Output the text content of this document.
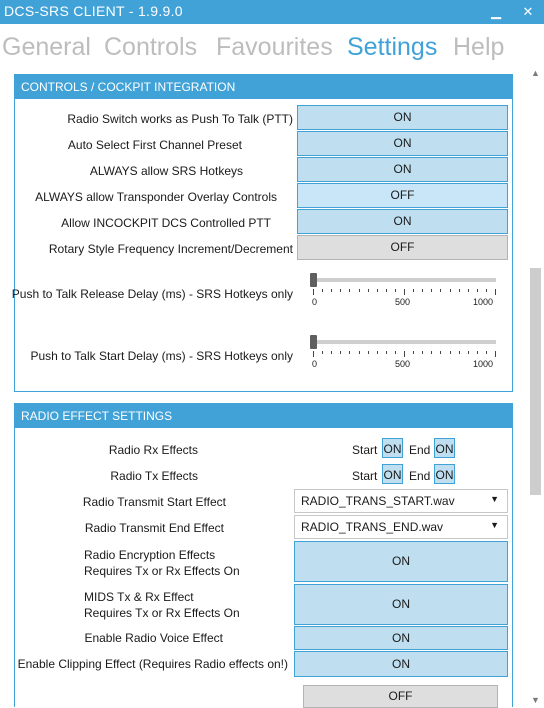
DCS-SRS CLIENT - 1.9.9.0	▁	✕
General Controls Favourites Settings Help
▲
▼
CONTROLS / COCKPIT INTEGRATION
Radio Switch works as Push To Talk (PTT)	ON
Auto Select First Channel Preset	ON
ALWAYS allow SRS Hotkeys	ON
ALWAYS allow Transponder Overlay Controls	OFF
Allow INCOCKPIT DCS Controlled PTT	ON
Rotary Style Frequency Increment/Decrement	OFF
Push to Talk Release Delay (ms) - SRS Hotkeys only
0	500	1000
Push to Talk Start Delay (ms) - SRS Hotkeys only
0	500	1000
RADIO EFFECT SETTINGS
Radio Rx Effects	Start ON End ON
Radio Tx Effects	Start ON End ON
Radio Transmit Start Effect	RADIO_TRANS_START.wav	▼
Radio Transmit End Effect	RADIO_TRANS_END.wav	▼
Radio Encryption Effects
Requires Tx or Rx Effects On
ON
MIDS Tx & Rx Effect
Requires Tx or Rx Effects On
ON
Enable Radio Voice Effect	ON
Enable Clipping Effect (Requires Radio effects on!)	ON
OFF
